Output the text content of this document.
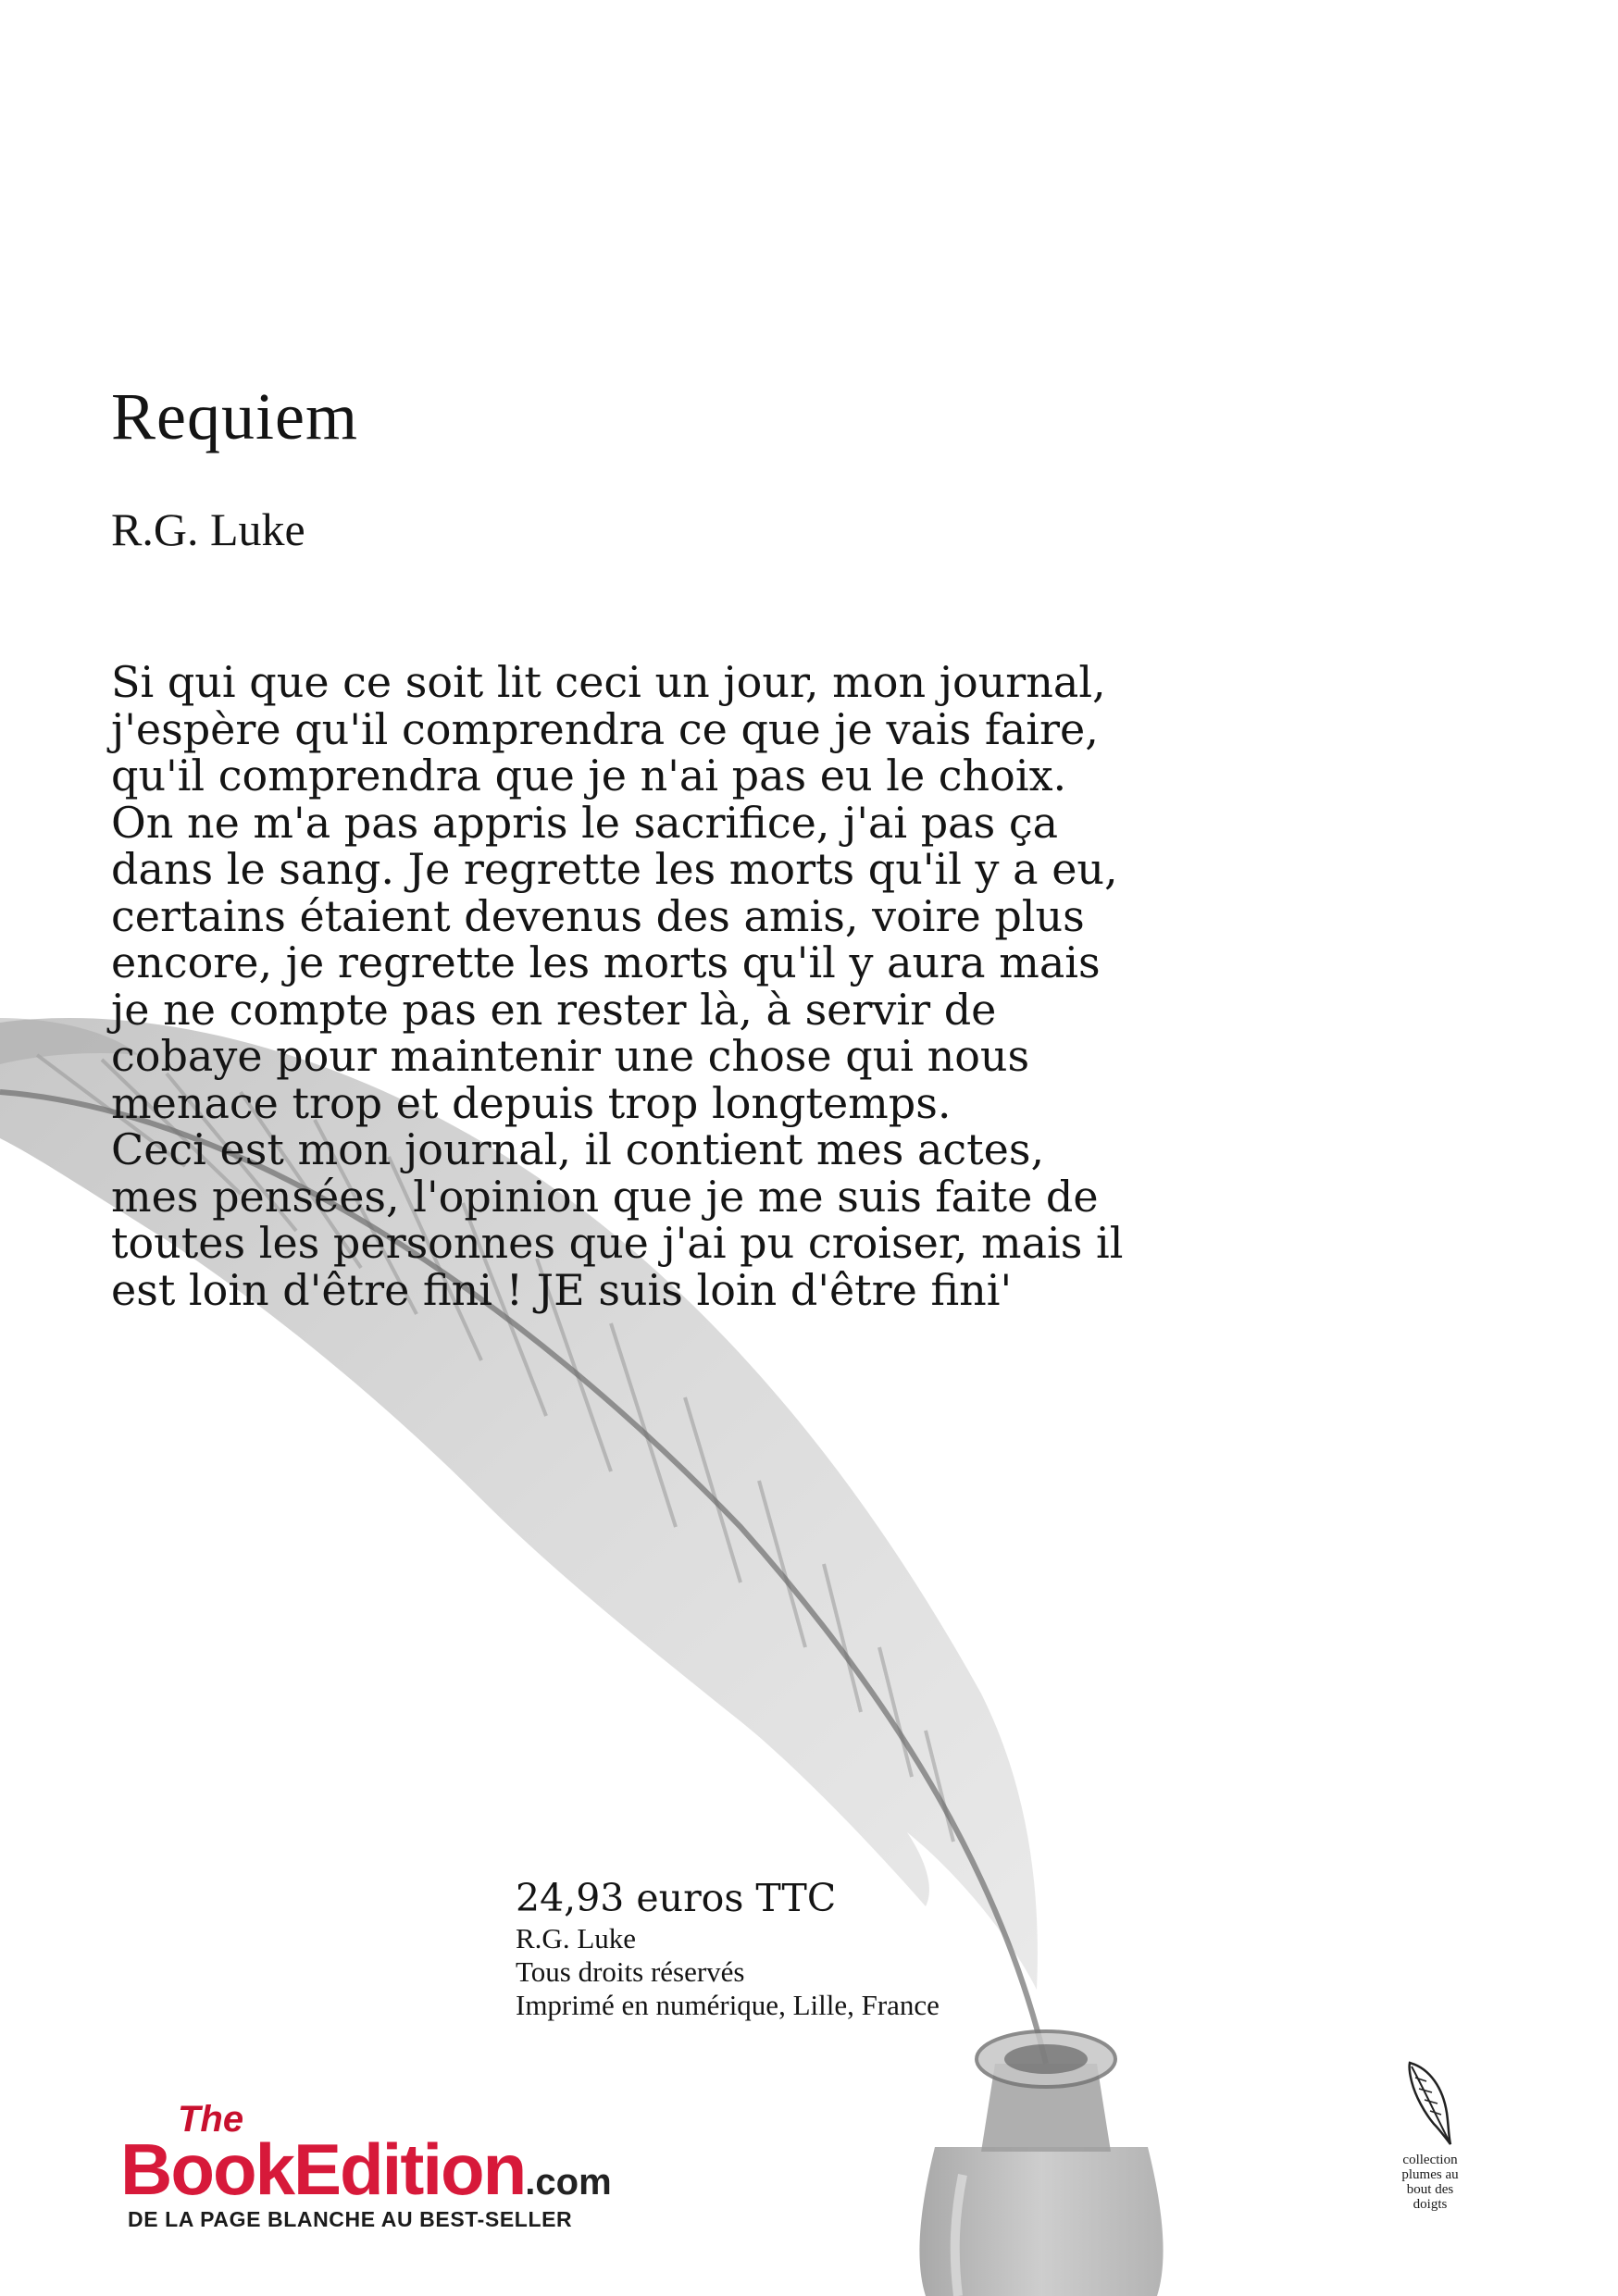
Requiem
R.G. Luke
Si qui que ce soit lit ceci un jour, mon journal,
j'espère qu'il comprendra ce que je vais faire,
qu'il comprendra que je n'ai pas eu le choix.
On ne m'a pas appris le sacrifice, j'ai pas ça
dans le sang. Je regrette les morts qu'il y a eu,
certains étaient devenus des amis, voire plus
encore, je regrette les morts qu'il y aura mais
je ne compte pas en rester là, à servir de
cobaye pour maintenir une chose qui nous
menace trop et depuis trop longtemps.
Ceci est mon journal, il contient mes actes,
mes pensées, l'opinion que je me suis faite de
toutes les personnes que j'ai pu croiser, mais il
est loin d'être fini ! JE suis loin d'être fini'
24,93 euros TTC
R.G. Luke
Tous droits réservés
Imprimé en numérique, Lille, France
The
BookEdition.com
DE LA PAGE BLANCHE AU BEST-SELLER
collection
plumes au
bout des
doigts
